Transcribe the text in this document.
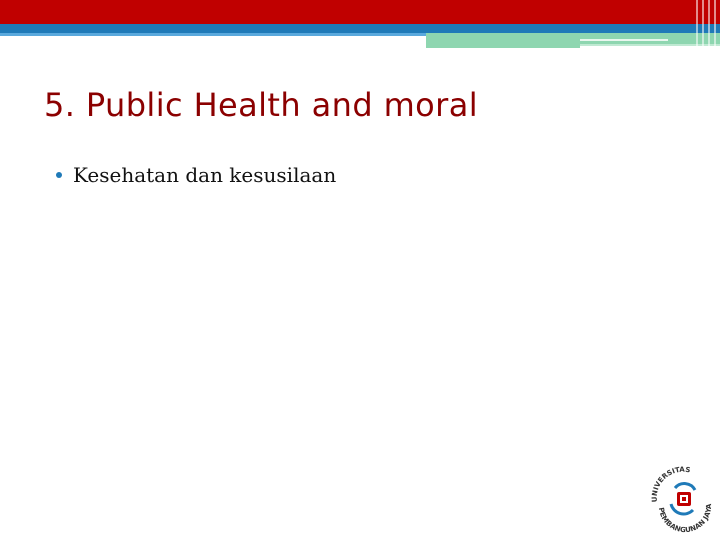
5. Public Health and moral
Kesehatan dan kesusilaan
UNIVERSITAS
PEMBANGUNAN JAYA
